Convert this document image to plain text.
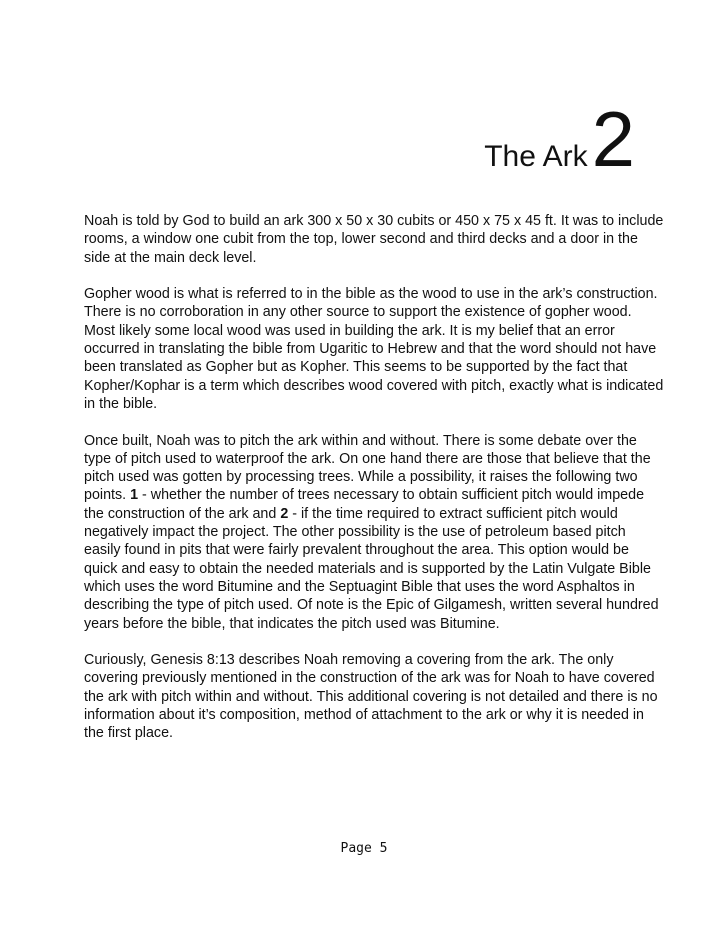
The Ark 2

Noah is told by God to build an ark 300 x 50 x 30 cubits or 450 x 75 x 45 ft. It was to include rooms, a window one cubit from the top, lower second and third decks and a door in the side at the main deck level.

Gopher wood is what is referred to in the bible as the wood to use in the ark’s construction. There is no corroboration in any other source to support the existence of gopher wood. Most likely some local wood was used in building the ark. It is my belief that an error occurred in translating the bible from Ugaritic to Hebrew and that the word should not have been translated as Gopher but as Kopher. This seems to be supported by the fact that Kopher/Kophar is a term which describes wood covered with pitch, exactly what is indicated in the bible.

Once built, Noah was to pitch the ark within and without. There is some debate over the type of pitch used to waterproof the ark. On one hand there are those that believe that the pitch used was gotten by processing trees. While a possibility, it raises the following two points. 1 - whether the number of trees necessary to obtain sufficient pitch would impede the construction of the ark and 2 - if the time required to extract sufficient pitch would negatively impact the project. The other possibility is the use of petroleum based pitch easily found in pits that were fairly prevalent throughout the area. This option would be quick and easy to obtain the needed materials and is supported by the Latin Vulgate Bible which uses the word Bitumine and the Septuagint Bible that uses the word Asphaltos in describing the type of pitch used. Of note is the Epic of Gilgamesh, written several hundred years before the bible, that indicates the pitch used was Bitumine.

Curiously, Genesis 8:13 describes Noah removing a covering from the ark. The only covering previously mentioned in the construction of the ark was for Noah to have covered the ark with pitch within and without. This additional covering is not detailed and there is no information about it’s composition, method of attachment to the ark or why it is needed in the first place.

Page 5
